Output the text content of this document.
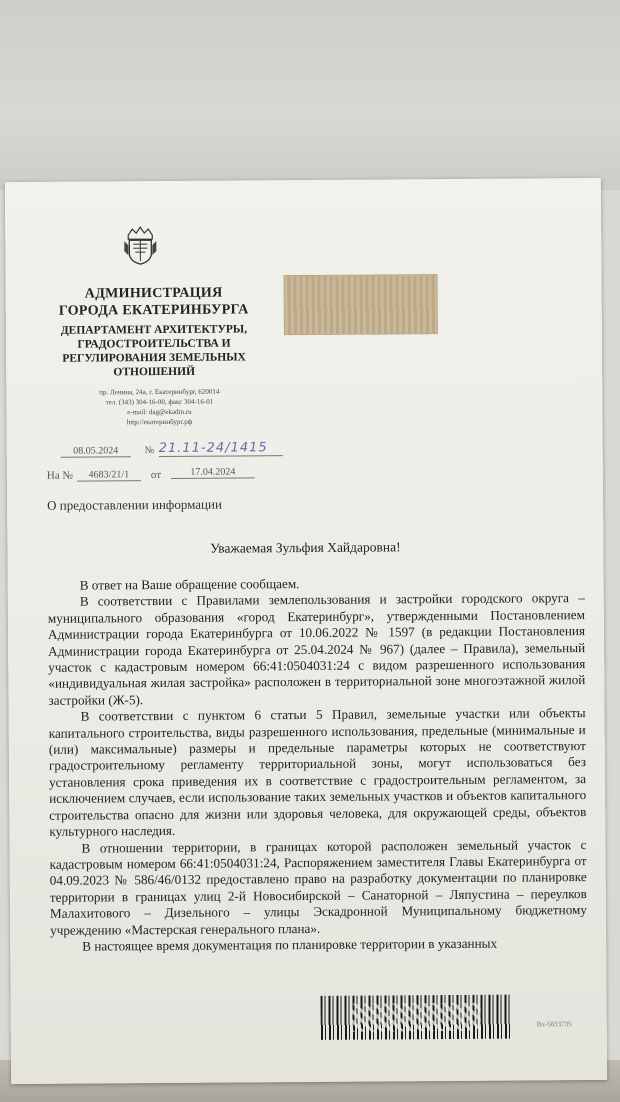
АДМИНИСТРАЦИЯ
ГОРОДА ЕКАТЕРИНБУРГА
ДЕПАРТАМЕНТ АРХИТЕКТУРЫ,
ГРАДОСТРОИТЕЛЬСТВА И
РЕГУЛИРОВАНИЯ ЗЕМЕЛЬНЫХ
ОТНОШЕНИЙ
пр. Ленина, 24а, г. Екатеринбург, 620014
тел. (343) 304-16-00, факс 304-16-01
e-mail: dag@ekadm.ru
http://екатеринбург.рф
08.05.2024	№ 21.11-24/1415
На №	4683/21/1	от	17.04.2024
О предоставлении информации
Уважаемая Зульфия Хайдаровна!

В ответ на Ваше обращение сообщаем.

В соответствии с Правилами землепользования и застройки городского округа – муниципального образования «город Екатеринбург», утвержденными Постановлением Администрации города Екатеринбурга от 10.06.2022 № 1597 (в редакции Постановления Администрации города Екатеринбурга от 25.04.2024 № 967) (далее – Правила), земельный участок с кадастровым номером 66:41:0504031:24 с видом разрешенного использования «индивидуальная жилая застройка» расположен в территориальной зоне многоэтажной жилой застройки (Ж-5).

В соответствии с пунктом 6 статьи 5 Правил, земельные участки или объекты капитального строительства, виды разрешенного использования, предельные (минимальные и (или) максимальные) размеры и предельные параметры которых не соответствуют градостроительному регламенту территориальной зоны, могут использоваться без установления срока приведения их в соответствие с градостроительным регламентом, за исключением случаев, если использование таких земельных участков и объектов капитального строительства опасно для жизни или здоровья человека, для окружающей среды, объектов культурного наследия.

В отношении территории, в границах которой расположен земельный участок с кадастровым номером 66:41:0504031:24, Распоряжением заместителя Главы Екатеринбурга от 04.09.2023 № 586/46/0132 предоставлено право на разработку документации по планировке территории в границах улиц 2-й Новосибирской – Санаторной – Ляпустина – переулков Малахитового – Дизельного – улицы Эскадронной Муниципальному бюджетному учреждению «Мастерская генерального плана».

В настоящее время документация по планировке территории в указанных

Вх-5833735
